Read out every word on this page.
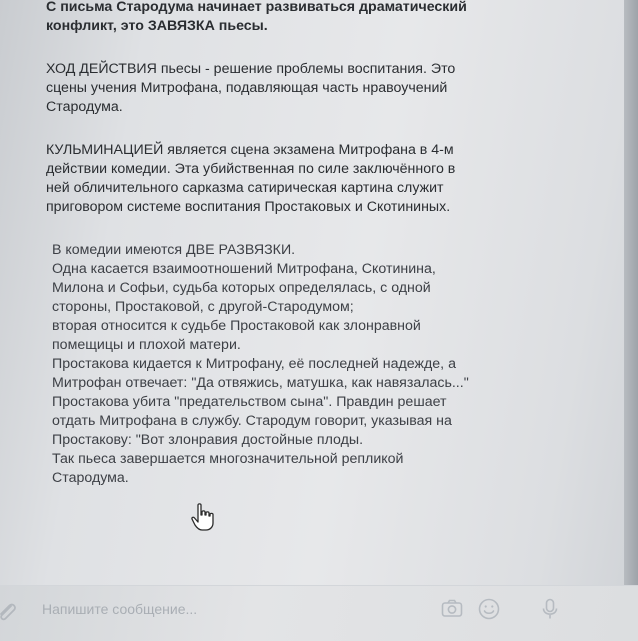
С письма Стародума начинает развиваться драматический
конфликт, это ЗАВЯЗКА пьесы.

ХОД ДЕЙСТВИЯ пьесы - решение проблемы воспитания. Это
сцены учения Митрофана, подавляющая часть нравоучений
Стародума.

КУЛЬМИНАЦИЕЙ является сцена экзамена Митрофана в 4-м
действии комедии. Эта убийственная по силе заключённого в
ней обличительного сарказма сатирическая картина служит
приговором системе воспитания Простаковых и Скотининых.

В комедии имеются ДВЕ РАЗВЯЗКИ.
Одна касается взаимоотношений Митрофана, Скотинина,
Милона и Софьи, судьба которых определялась, с одной
стороны, Простаковой, с другой-Стародумом;
вторая относится к судьбе Простаковой как злонравной
помещицы и плохой матери.
Простакова кидается к Митрофану, её последней надежде, а
Митрофан отвечает: "Да отвяжись, матушка, как навязалась..."
Простакова убита "предательством сына". Правдин решает
отдать Митрофана в службу. Стародум говорит, указывая на
Простакову: "Вот злонравия достойные плоды.
Так пьеса завершается многозначительной репликой
Стародума.

Напишите сообщение...
